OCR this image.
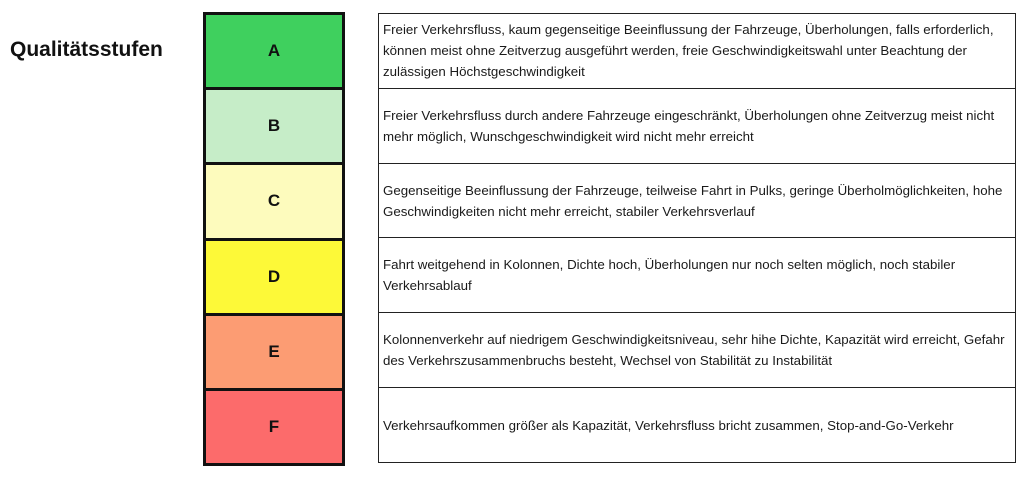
Qualitätsstufen	A
B
C
D
E
F
Freier Verkehrsfluss, kaum gegenseitige Beeinflussung der Fahrzeuge, Überholungen, falls erforderlich, können meist ohne Zeitverzug ausgeführt werden, freie Geschwindigkeitswahl unter Beachtung der zulässigen Höchstgeschwindigkeit
Freier Verkehrsfluss durch andere Fahrzeuge eingeschränkt, Überholungen ohne Zeitverzug meist nicht mehr möglich, Wunschgeschwindigkeit wird nicht mehr erreicht
Gegenseitige Beeinflussung der Fahrzeuge, teilweise Fahrt in Pulks, geringe Überholmöglichkeiten, hohe Geschwindigkeiten nicht mehr erreicht, stabiler Verkehrsverlauf
Fahrt weitgehend in Kolonnen, Dichte hoch, Überholungen nur noch selten möglich, noch stabiler Verkehrsablauf
Kolonnenverkehr auf niedrigem Geschwindigkeitsniveau, sehr hihe Dichte, Kapazität wird erreicht, Gefahr des Verkehrszusammenbruchs besteht, Wechsel von Stabilität zu Instabilität
Verkehrsaufkommen größer als Kapazität, Verkehrsfluss bricht zusammen, Stop-and-Go-Verkehr
